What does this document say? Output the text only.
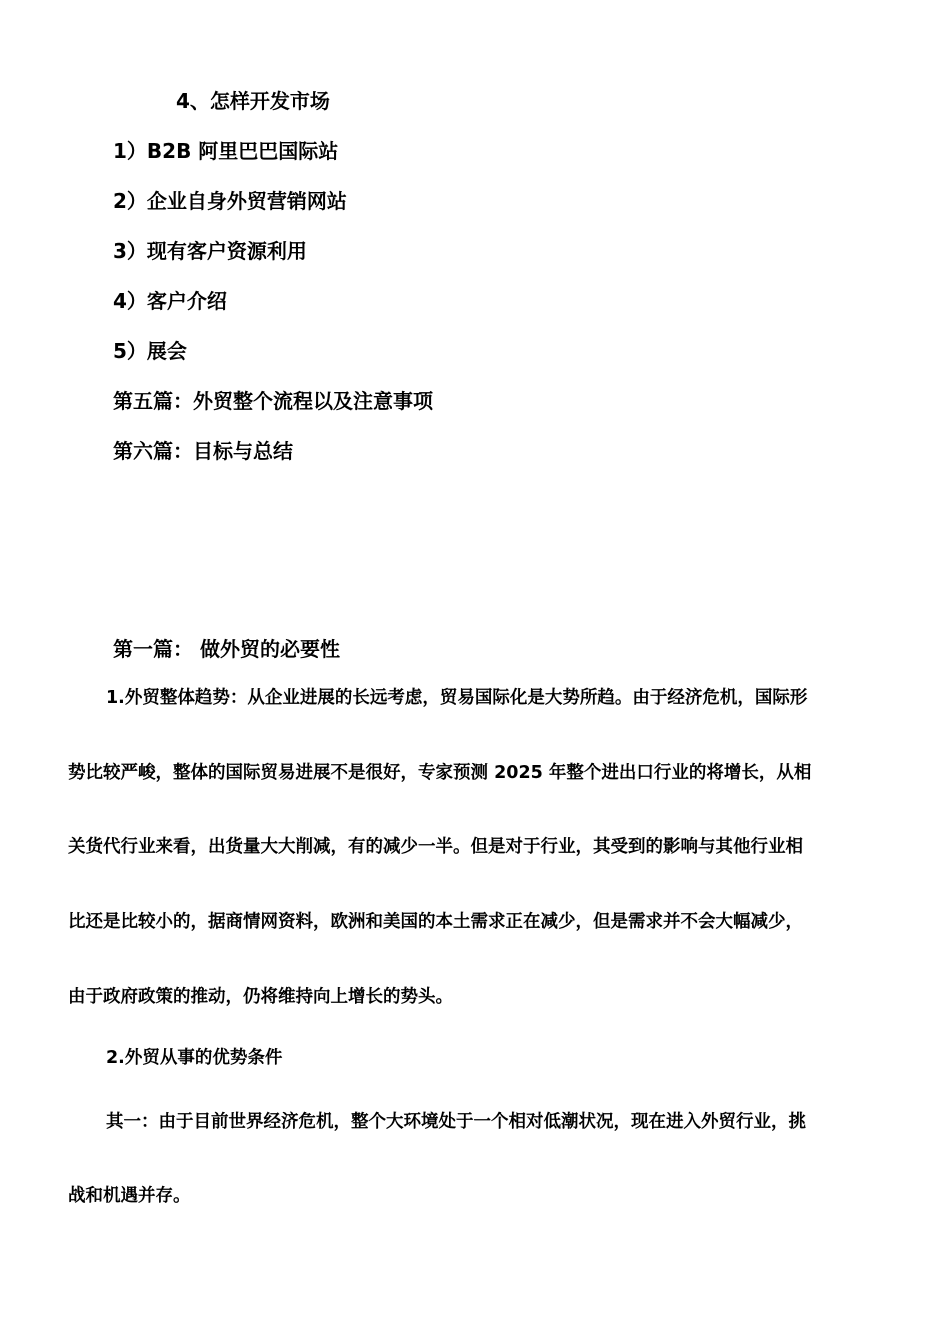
4、怎样开发市场
1）B2B 阿里巴巴国际站
2）企业自身外贸营销网站
3）现有客户资源利用
4）客户介绍
5）展会
第五篇：外贸整个流程以及注意事项
第六篇：目标与总结
第一篇： 做外贸的必要性
1.外贸整体趋势：从企业进展的长远考虑，贸易国际化是大势所趋。由于经济危机，国际形
势比较严峻，整体的国际贸易进展不是很好，专家预测 2025 年整个进出口行业的将增长，从相
关货代行业来看，出货量大大削减，有的减少一半。但是对于行业，其受到的影响与其他行业相
比还是比较小的，据商情网资料，欧洲和美国的本土需求正在减少，但是需求并不会大幅减少，
由于政府政策的推动，仍将维持向上增长的势头。
2.外贸从事的优势条件
其一：由于目前世界经济危机，整个大环境处于一个相对低潮状况，现在进入外贸行业，挑
战和机遇并存。
